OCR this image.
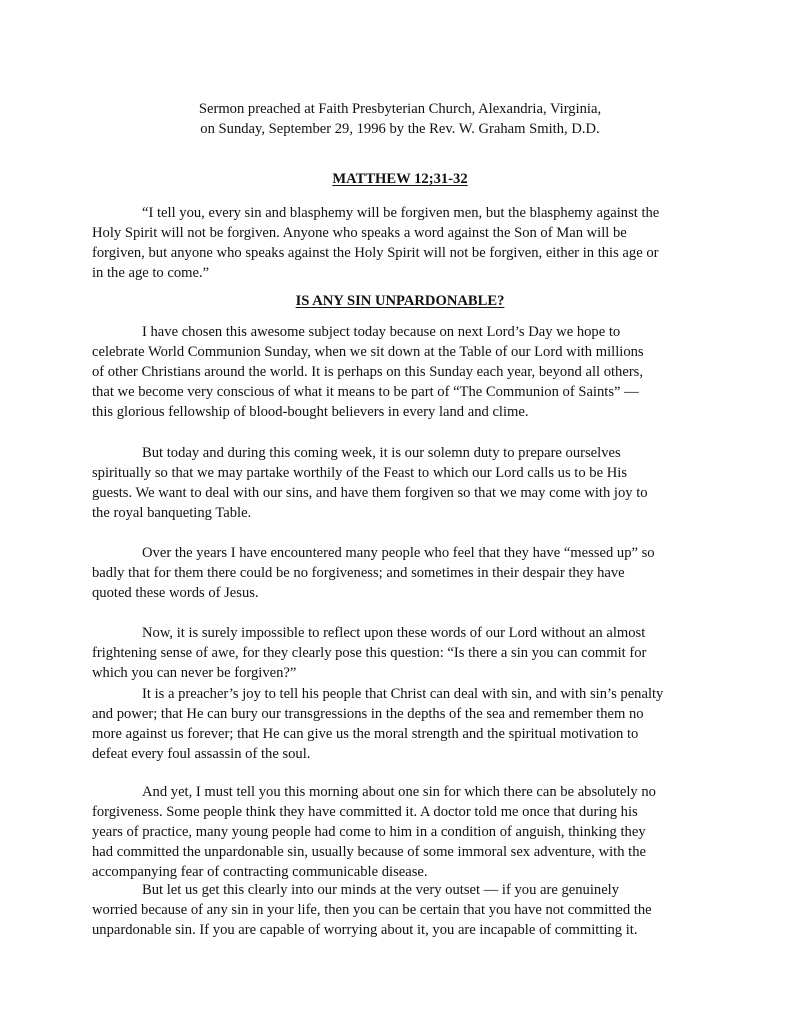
Sermon preached at Faith Presbyterian Church, Alexandria, Virginia,
on Sunday, September 29, 1996 by the Rev. W. Graham Smith, D.D.
MATTHEW 12;31-32
“I tell you, every sin and blasphemy will be forgiven men, but the blasphemy against the
Holy Spirit will not be forgiven. Anyone who speaks a word against the Son of Man will be
forgiven, but anyone who speaks against the Holy Spirit will not be forgiven, either in this age or
in the age to come.”
IS ANY SIN UNPARDONABLE?
I have chosen this awesome subject today because on next Lord’s Day we hope to
celebrate World Communion Sunday, when we sit down at the Table of our Lord with millions
of other Christians around the world. It is perhaps on this Sunday each year, beyond all others,
that we become very conscious of what it means to be part of “The Communion of Saints” —
this glorious fellowship of blood-bought believers in every land and clime.
But today and during this coming week, it is our solemn duty to prepare ourselves
spiritually so that we may partake worthily of the Feast to which our Lord calls us to be His
guests. We want to deal with our sins, and have them forgiven so that we may come with joy to
the royal banqueting Table.
Over the years I have encountered many people who feel that they have “messed up” so
badly that for them there could be no forgiveness; and sometimes in their despair they have
quoted these words of Jesus.
Now, it is surely impossible to reflect upon these words of our Lord without an almost
frightening sense of awe, for they clearly pose this question: “Is there a sin you can commit for
which you can never be forgiven?”
It is a preacher’s joy to tell his people that Christ can deal with sin, and with sin’s penalty
and power; that He can bury our transgressions in the depths of the sea and remember them no
more against us forever; that He can give us the moral strength and the spiritual motivation to
defeat every foul assassin of the soul.
And yet, I must tell you this morning about one sin for which there can be absolutely no
forgiveness. Some people think they have committed it. A doctor told me once that during his
years of practice, many young people had come to him in a condition of anguish, thinking they
had committed the unpardonable sin, usually because of some immoral sex adventure, with the
accompanying fear of contracting communicable disease.
But let us get this clearly into our minds at the very outset — if you are genuinely
worried because of any sin in your life, then you can be certain that you have not committed the
unpardonable sin. If you are capable of worrying about it, you are incapable of committing it.
